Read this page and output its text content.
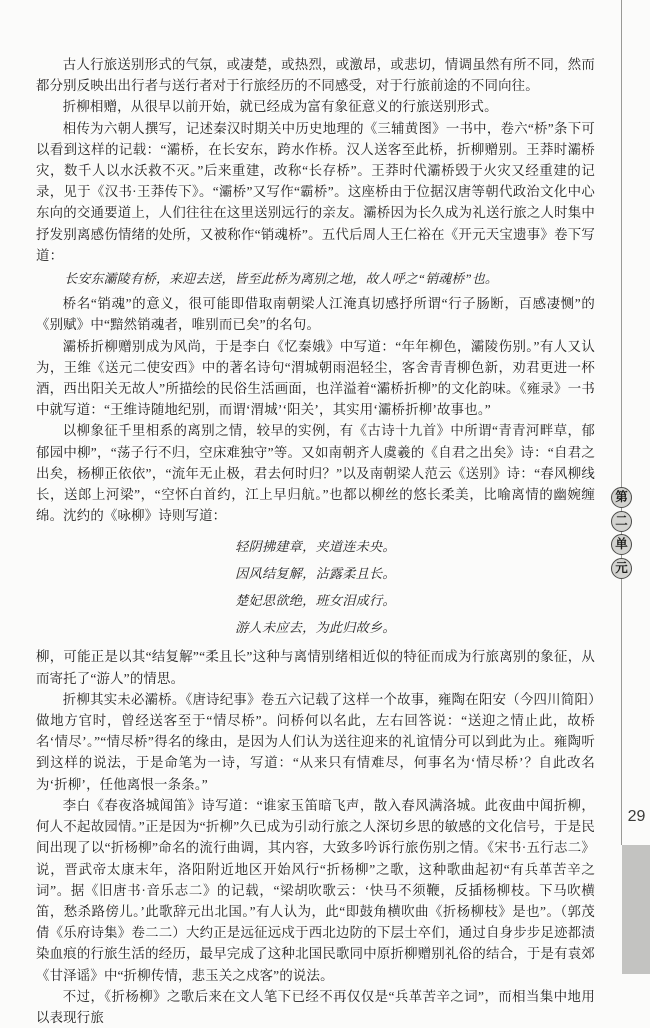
古人行旅送别形式的气氛，或凄楚，或热烈，或激昂，或悲切，情调虽然有所不同，然而都分别反映出出行者与送行者对于行旅经历的不同感受，对于行旅前途的不同向往。

折柳相赠，从很早以前开始，就已经成为富有象征意义的行旅送别形式。

相传为六朝人撰写，记述秦汉时期关中历史地理的《三辅黄图》一书中，卷六“桥”条下可以看到这样的记载：“灞桥，在长安东，跨水作桥。汉人送客至此桥，折柳赠别。王莽时灞桥灾，数千人以水沃救不灭。”后来重建，改称“长存桥”。王莽时代灞桥毁于火灾又经重建的记录，见于《汉书·王莽传下》。“灞桥”又写作“霸桥”。这座桥由于位据汉唐等朝代政治文化中心东向的交通要道上，人们往往在这里送别远行的亲友。灞桥因为长久成为礼送行旅之人时集中抒发别离感伤情绪的处所，又被称作“销魂桥”。五代后周人王仁裕在《开元天宝遗事》卷下写道：

长安东灞陵有桥，来迎去送，皆至此桥为离别之地，故人呼之“销魂桥”也。

桥名“销魂”的意义，很可能即借取南朝梁人江淹真切感抒所谓“行子肠断，百感凄恻”的《别赋》中“黯然销魂者，唯别而已矣”的名句。

灞桥折柳赠别成为风尚，于是李白《忆秦娥》中写道：“年年柳色，灞陵伤别。”有人又认为，王维《送元二使安西》中的著名诗句“渭城朝雨浥轻尘，客舍青青柳色新，劝君更进一杯酒，西出阳关无故人”所描绘的民俗生活画面，也洋溢着“灞桥折柳”的文化韵味。《雍录》一书中就写道：“王维诗随地纪别，而谓‘渭城’‘阳关’，其实用‘灞桥折柳’故事也。”

以柳象征千里相系的离别之情，较早的实例，有《古诗十九首》中所谓“青青河畔草，郁郁园中柳”，“荡子行不归，空床难独守”等。又如南朝齐人虞羲的《自君之出矣》诗：“自君之出矣，杨柳正依依”，“流年无止极，君去何时归？”以及南朝梁人范云《送别》诗：“春风柳线长，送郎上河梁”，“空怀白首约，江上早归航。”也都以柳丝的悠长柔美，比喻离情的幽婉缠绵。沈约的《咏柳》诗则写道：

轻阴拂建章，夹道连未央。
因风结复解，沾露柔且长。
楚妃思欲绝，班女泪成行。
游人未应去，为此归故乡。

柳，可能正是以其“结复解”“柔且长”这种与离情别绪相近似的特征而成为行旅离别的象征，从而寄托了“游人”的情思。

折柳其实未必灞桥。《唐诗纪事》卷五六记载了这样一个故事，雍陶在阳安（今四川简阳）做地方官时，曾经送客至于“情尽桥”。问桥何以名此，左右回答说：“送迎之情止此，故桥名‘情尽’。”“情尽桥”得名的缘由，是因为人们认为送往迎来的礼谊情分可以到此为止。雍陶听到这样的说法，于是命笔为一诗，写道：“从来只有情难尽，何事名为‘情尽桥’？自此改名为‘折柳’，任他离恨一条条。”

李白《春夜洛城闻笛》诗写道：“谁家玉笛暗飞声，散入春风满洛城。此夜曲中闻折柳，何人不起故园情。”正是因为“折柳”久已成为引动行旅之人深切乡思的敏感的文化信号，于是民间出现了以“折杨柳”命名的流行曲调，其内容，大致多吟诉行旅伤别之情。《宋书·五行志二》说，晋武帝太康末年，洛阳附近地区开始风行“折杨柳”之歌，这种歌曲起初“有兵革苦辛之词”。据《旧唐书·音乐志二》的记载，“梁胡吹歌云：‘快马不须鞭，反插杨柳枝。下马吹横笛，愁杀路傍儿。’此歌辞元出北国。”有人认为，此“即鼓角横吹曲《折杨柳枝》是也”。（郭茂倩《乐府诗集》卷二二）大约正是远征远戍于西北边防的下层士卒们，通过自身步步足迹都渍染血痕的行旅生活的经历，最早完成了这种北国民歌同中原折柳赠别礼俗的结合，于是有袁郊《甘泽谣》中“折柳传情，悲玉关之戍客”的说法。

不过，《折杨柳》之歌后来在文人笔下已经不再仅仅是“兵革苦辛之词”，而相当集中地用以表现行旅

第
二
单
元
29
